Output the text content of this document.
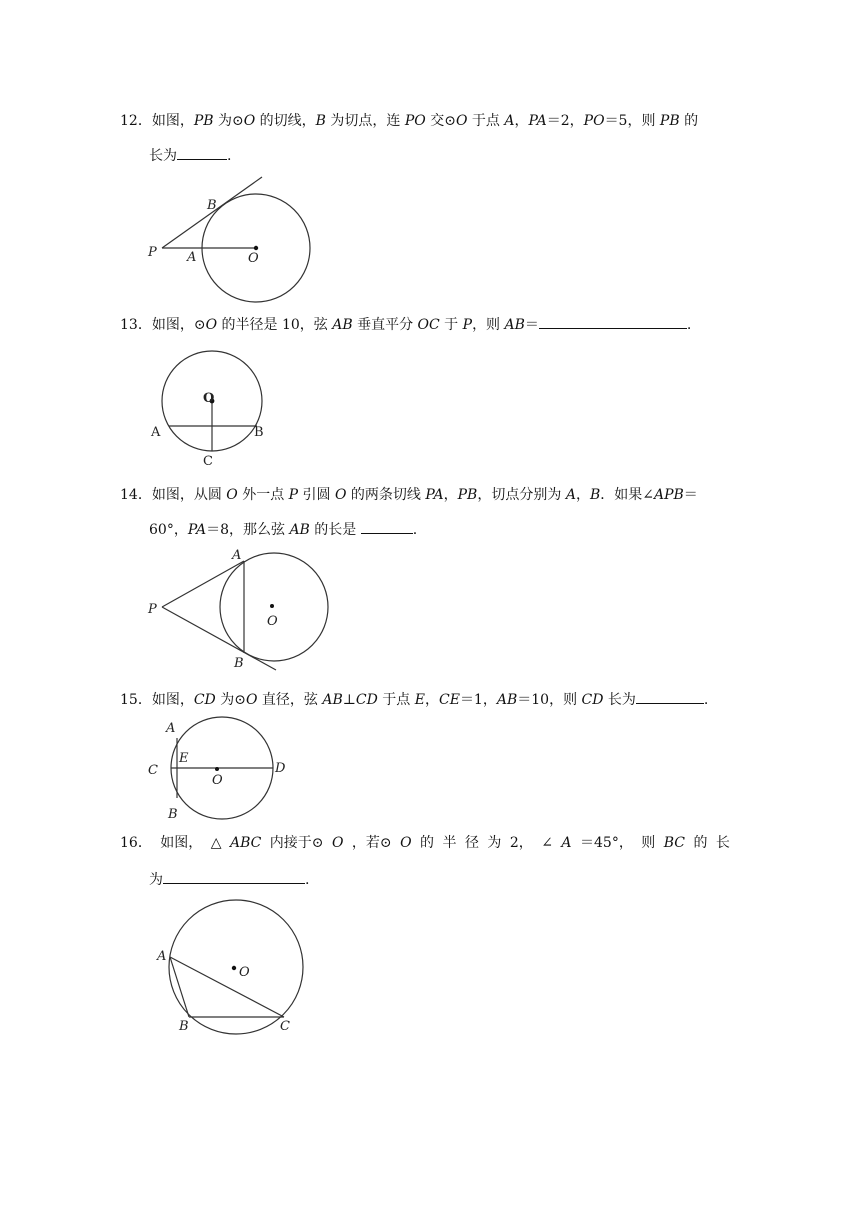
12．如图，PB 为⊙O 的切线，B 为切点，连 PO 交⊙O 于点 A，PA＝2，PO＝5，则 PB 的
长为	.
P A
B
O
13．如图，⊙O 的半径是 10，弦 AB 垂直平分 OC 于 P，则 AB＝	.
O
A	B
C
14．如图，从圆 O 外一点 P 引圆 O 的两条切线 PA，PB，切点分别为 A，B．如果∠APB＝
60°，PA＝8，那么弦 AB 的长是	.
P
A
B
O
15．如图，CD 为⊙O 直径，弦 AB⊥CD 于点 E，CE＝1，AB＝10，则 CD 长为	.
A
E
C
O
D
B
16． 如图， △ ABC 内接于⊙ O ，若⊙ O 的 半 径 为 2， ∠ A ＝45°， 则 BC 的 长
为	.
A
O
B	C
